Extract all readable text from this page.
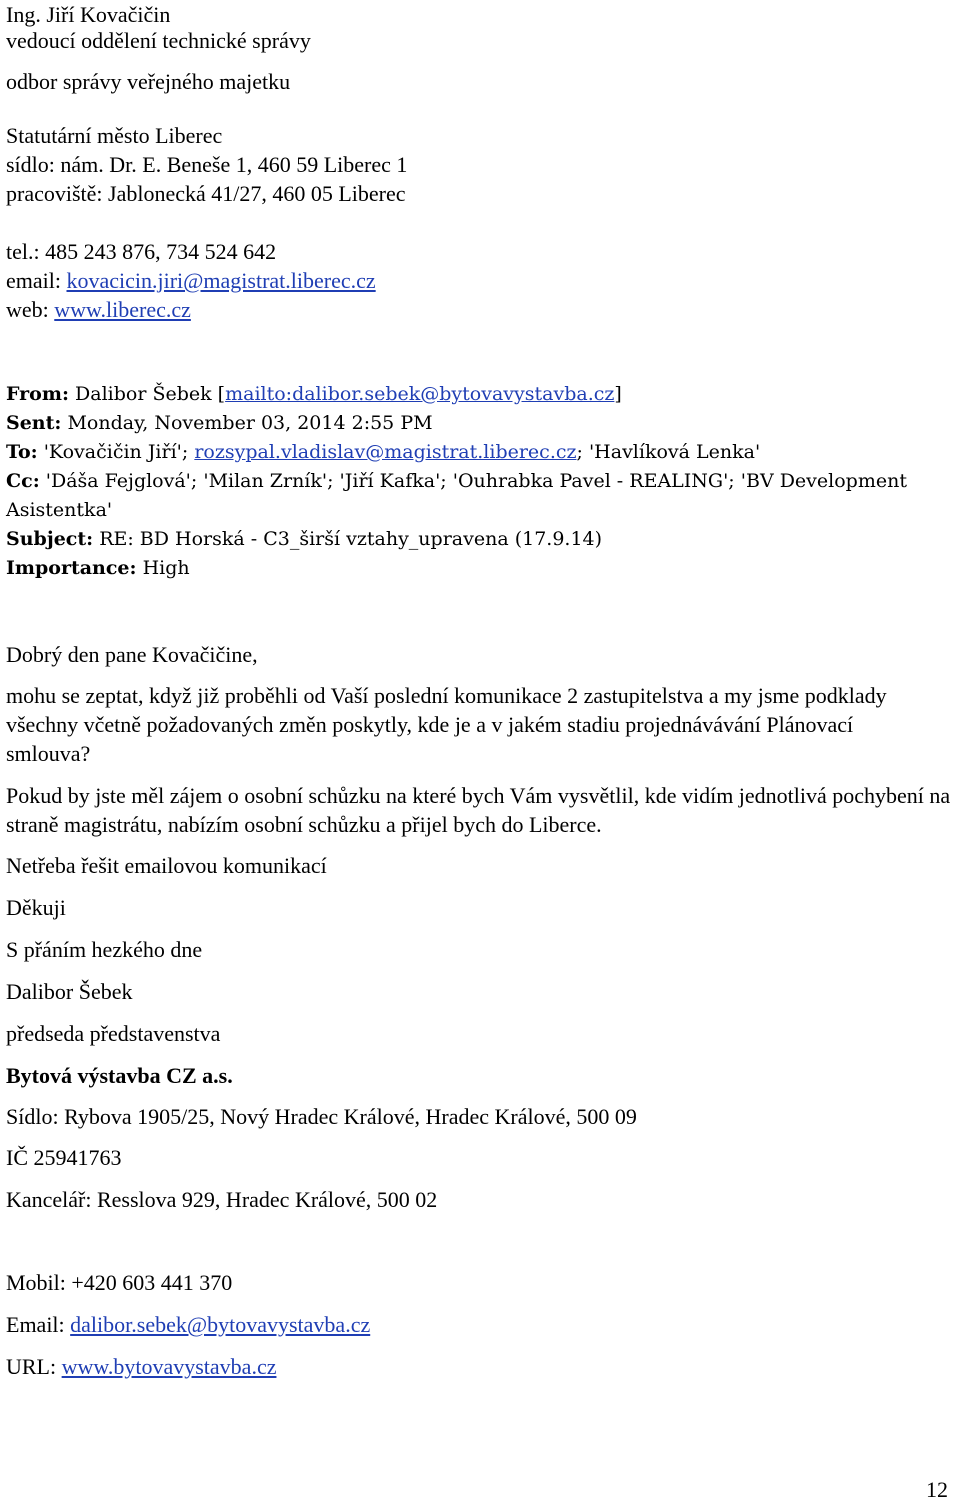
Ing. Jiří Kovačičin
vedoucí oddělení technické správy
odbor správy veřejného majetku
Statutární město Liberec
sídlo: nám. Dr. E. Beneše 1, 460 59 Liberec 1
pracoviště: Jablonecká 41/27, 460 05 Liberec
tel.: 485 243 876, 734 524 642
email: kovacicin.jiri@magistrat.liberec.cz
web: www.liberec.cz
From: Dalibor Šebek [mailto:dalibor.sebek@bytovavystavba.cz]
Sent: Monday, November 03, 2014 2:55 PM
To: 'Kovačičin Jiří'; rozsypal.vladislav@magistrat.liberec.cz; 'Havlíková Lenka'
Cc: 'Dáša Fejglová'; 'Milan Zrník'; 'Jiří Kafka'; 'Ouhrabka Pavel - REALING'; 'BV Development Asistentka'
Subject: RE: BD Horská - C3_širší vztahy_upravena (17.9.14)
Importance: High
Dobrý den pane Kovačičine,
mohu se zeptat, když již proběhli od Vaší poslední komunikace 2 zastupitelstva a my jsme podklady všechny včetně požadovaných změn poskytly, kde je a v jakém stadiu projednávávání Plánovací smlouva?
Pokud by jste měl zájem o osobní schůzku na které bych Vám vysvětlil, kde vidím jednotlivá pochybení na straně magistrátu, nabízím osobní schůzku a přijel bych do Liberce.
Netřeba řešit emailovou komunikací
Děkuji
S přáním hezkého dne
Dalibor Šebek
předseda představenstva
Bytová výstavba CZ a.s.
Sídlo: Rybova 1905/25, Nový Hradec Králové, Hradec Králové, 500 09
IČ 25941763
Kancelář: Resslova 929, Hradec Králové, 500 02
Mobil: +420 603 441 370
Email: dalibor.sebek@bytovavystavba.cz
URL: www.bytovavystavba.cz
12
